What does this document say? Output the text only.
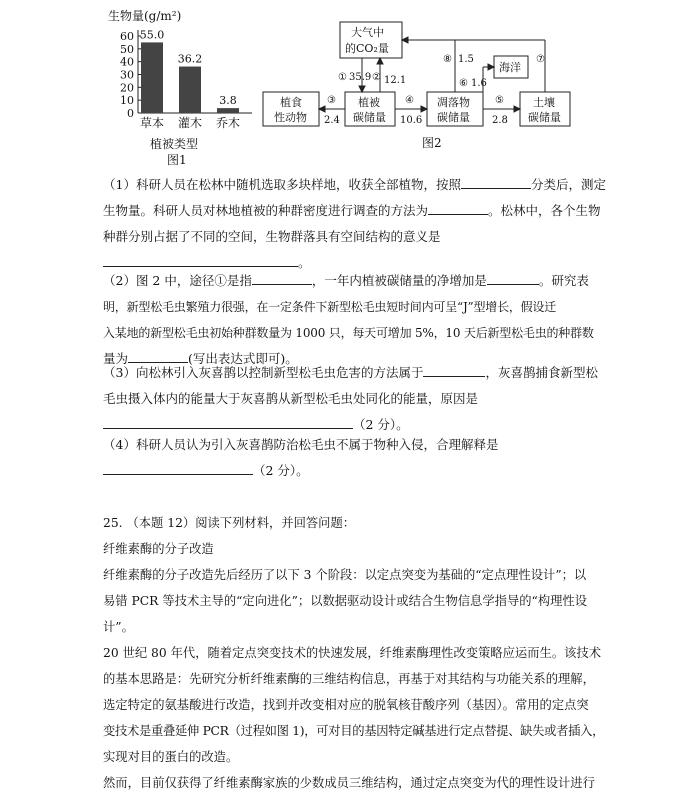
生物量(g/m²)
60
50
40
30
20
10
0
55.0
草本
36.2
灌木
3.8
乔木
植被类型
图1
大气中
的CO₂量
植食
性动物
植被
碳储量
凋落物
碳储量
海洋
土壤
碳储量
① 35.9 ② 12.1
2.4
③	④
10.6
⑧ 1.5
⑥ 1.6
⑤
2.8
⑦
图2
（1）科研人员在松林中随机选取多块样地，收获全部植物，按照	分类后，测定
生物量。科研人员对林地植被的种群密度进行调查的方法为	。松林中，各个生物
种群分别占据了不同的空间，生物群落具有空间结构的意义是
。
（2）图 2 中，途径①是指	，一年内植被碳储量的净增加是	。研究表
明，新型松毛虫繁殖力很强，在一定条件下新型松毛虫短时间内可呈“J”型增长，假设迁
入某地的新型松毛虫初始种群数量为 1000 只，每天可增加 5%，10 天后新型松毛虫的种群数
量为	(写出表达式即可)。
（3）向松林引入灰喜鹊以控制新型松毛虫危害的方法属于	，灰喜鹊捕食新型松
毛虫摄入体内的能量大于灰喜鹊从新型松毛虫处同化的能量，原因是
（2 分）。
（4）科研人员认为引入灰喜鹊防治松毛虫不属于物种入侵，合理解释是
（2 分）。
25. （本题 12）阅读下列材料，并回答问题：
纤维素酶的分子改造
纤维素酶的分子改造先后经历了以下 3 个阶段：以定点突变为基础的“定点理性设计”；以
易错 PCR 等技术主导的“定向进化”；以数据驱动设计或结合生物信息学指导的“构理性设
计”。
20 世纪 80 年代，随着定点突变技术的快速发展，纤维素酶理性改变策略应运而生。该技术
的基本思路是：先研究分析纤维素酶的三维结构信息，再基于对其结构与功能关系的理解，
选定特定的氨基酸进行改造，找到并改变相对应的脱氧核苷酸序列（基因）。常用的定点突
变技术是重叠延伸 PCR（过程如图 1)，可对目的基因特定碱基进行定点替提、缺失或者插入，
实现对目的蛋白的改造。
然而，目前仅获得了纤维素酶家族的少数成员三维结构，通过定点突变为代的理性设计进行
